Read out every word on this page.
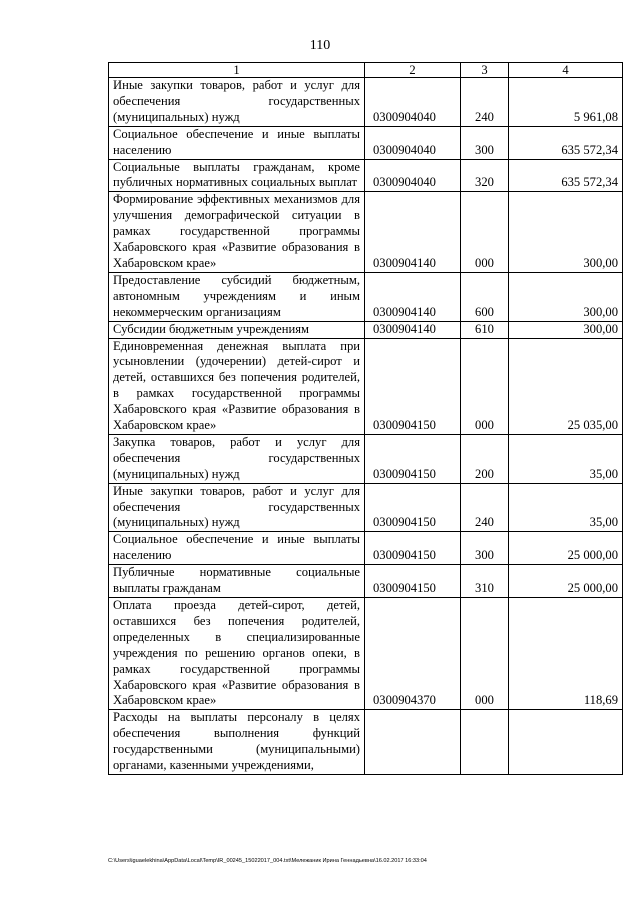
110
1	2	3	4
Иные закупки товаров, работ и услуг для обеспечения государственных (муниципальных) нужд	0300904040	240	5 961,08
Социальное обеспечение и иные выплаты населению	0300904040	300	635 572,34
Социальные выплаты гражданам, кроме публичных нормативных социальных выплат	0300904040	320	635 572,34
Формирование эффективных механизмов для улучшения демографической ситуации в рамках государственной программы Хабаровского края «Развитие образования в Хабаровском крае»	0300904140	000	300,00
Предоставление субсидий бюджетным, автономным учреждениям и иным некоммерческим организациям	0300904140	600	300,00
Субсидии бюджетным учреждениям	0300904140	610	300,00
Единовременная денежная выплата при усыновлении (удочерении) детей-сирот и детей, оставшихся без попечения родителей, в рамках государственной программы Хабаровского края «Развитие образования в Хабаровском крае»	0300904150	000	25 035,00
Закупка товаров, работ и услуг для обеспечения государственных (муниципальных) нужд	0300904150	200	35,00
Иные закупки товаров, работ и услуг для обеспечения государственных (муниципальных) нужд	0300904150	240	35,00
Социальное обеспечение и иные выплаты населению	0300904150	300	25 000,00
Публичные нормативные социальные выплаты гражданам	0300904150	310	25 000,00
Оплата проезда детей-сирот, детей, оставшихся без попечения родителей, определенных в специализированные учреждения по решению органов опеки, в рамках государственной программы Хабаровского края «Развитие образования в Хабаровском крае»	0300904370	000	118,69
Расходы на выплаты персоналу в целях обеспечения выполнения функций государственными (муниципальными) органами, казенными учреждениями,			
C:\Users\iguaelekhina\AppData\Local\Temp\IR_00245_15022017_004.txt\Мележаник Ирина Геннадьевна\16.02.2017 16:33:04
